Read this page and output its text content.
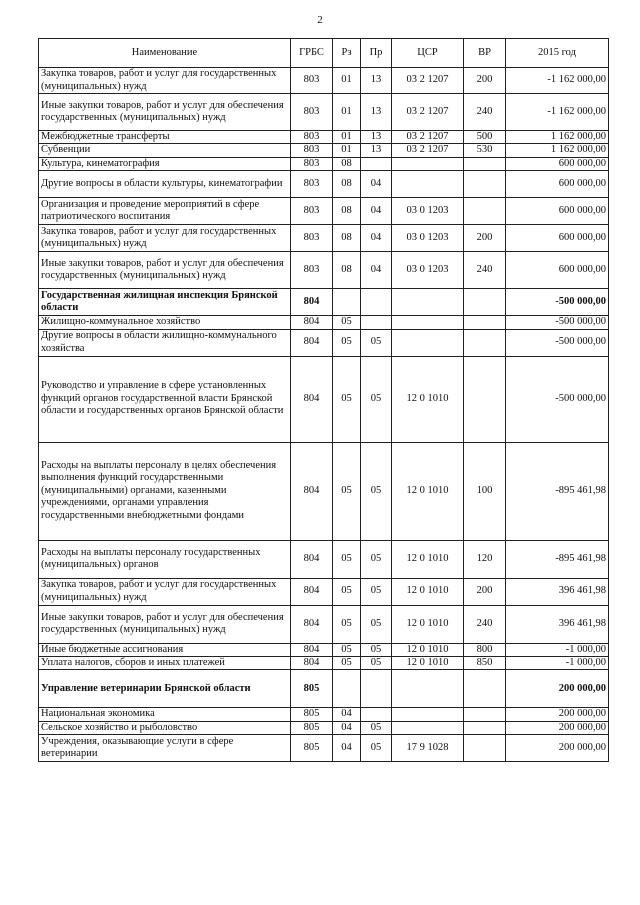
2
Наименование	ГРБС	Рз	Пр	ЦСР	ВР	2015 год
Закупка товаров, работ и услуг для государственных (муниципальных) нужд	803	01	13	03 2 1207	200	-1 162 000,00
Иные закупки товаров, работ и услуг для обеспечения государственных (муниципальных) нужд	803	01	13	03 2 1207	240	-1 162 000,00
Межбюджетные трансферты	803	01	13	03 2 1207	500	1 162 000,00
Субвенции	803	01	13	03 2 1207	530	1 162 000,00
Культура, кинематография	803	08				600 000,00
Другие вопросы в области культуры, кинематографии	803	08	04			600 000,00
Организация и проведение мероприятий в сфере патриотического воспитания	803	08	04	03 0 1203		600 000,00
Закупка товаров, работ и услуг для государственных (муниципальных) нужд	803	08	04	03 0 1203	200	600 000,00
Иные закупки товаров, работ и услуг для обеспечения государственных (муниципальных) нужд	803	08	04	03 0 1203	240	600 000,00
Государственная жилищная инспекция Брянской области	804					-500 000,00
Жилищно-коммунальное хозяйство	804	05				-500 000,00
Другие вопросы в области жилищно-коммунального хозяйства	804	05	05			-500 000,00
Руководство и управление в сфере установленных функций органов государственной власти Брянской области и государственных органов Брянской области	804	05	05	12 0 1010		-500 000,00
Расходы на выплаты персоналу в целях обеспечения выполнения функций государственными (муниципальными) органами, казенными учреждениями, органами управления государственными внебюджетными фондами	804	05	05	12 0 1010	100	-895 461,98
Расходы на выплаты персоналу государственных (муниципальных) органов	804	05	05	12 0 1010	120	-895 461,98
Закупка товаров, работ и услуг для государственных (муниципальных) нужд	804	05	05	12 0 1010	200	396 461,98
Иные закупки товаров, работ и услуг для обеспечения государственных (муниципальных) нужд	804	05	05	12 0 1010	240	396 461,98
Иные бюджетные ассигнования	804	05	05	12 0 1010	800	-1 000,00
Уплата налогов, сборов и иных платежей	804	05	05	12 0 1010	850	-1 000,00
Управление ветеринарии Брянской области	805					200 000,00
Национальная экономика	805	04				200 000,00
Сельское хозяйство и рыболовство	805	04	05			200 000,00
Учреждения, оказывающие услуги в сфере ветеринарии	805	04	05	17 9 1028		200 000,00
